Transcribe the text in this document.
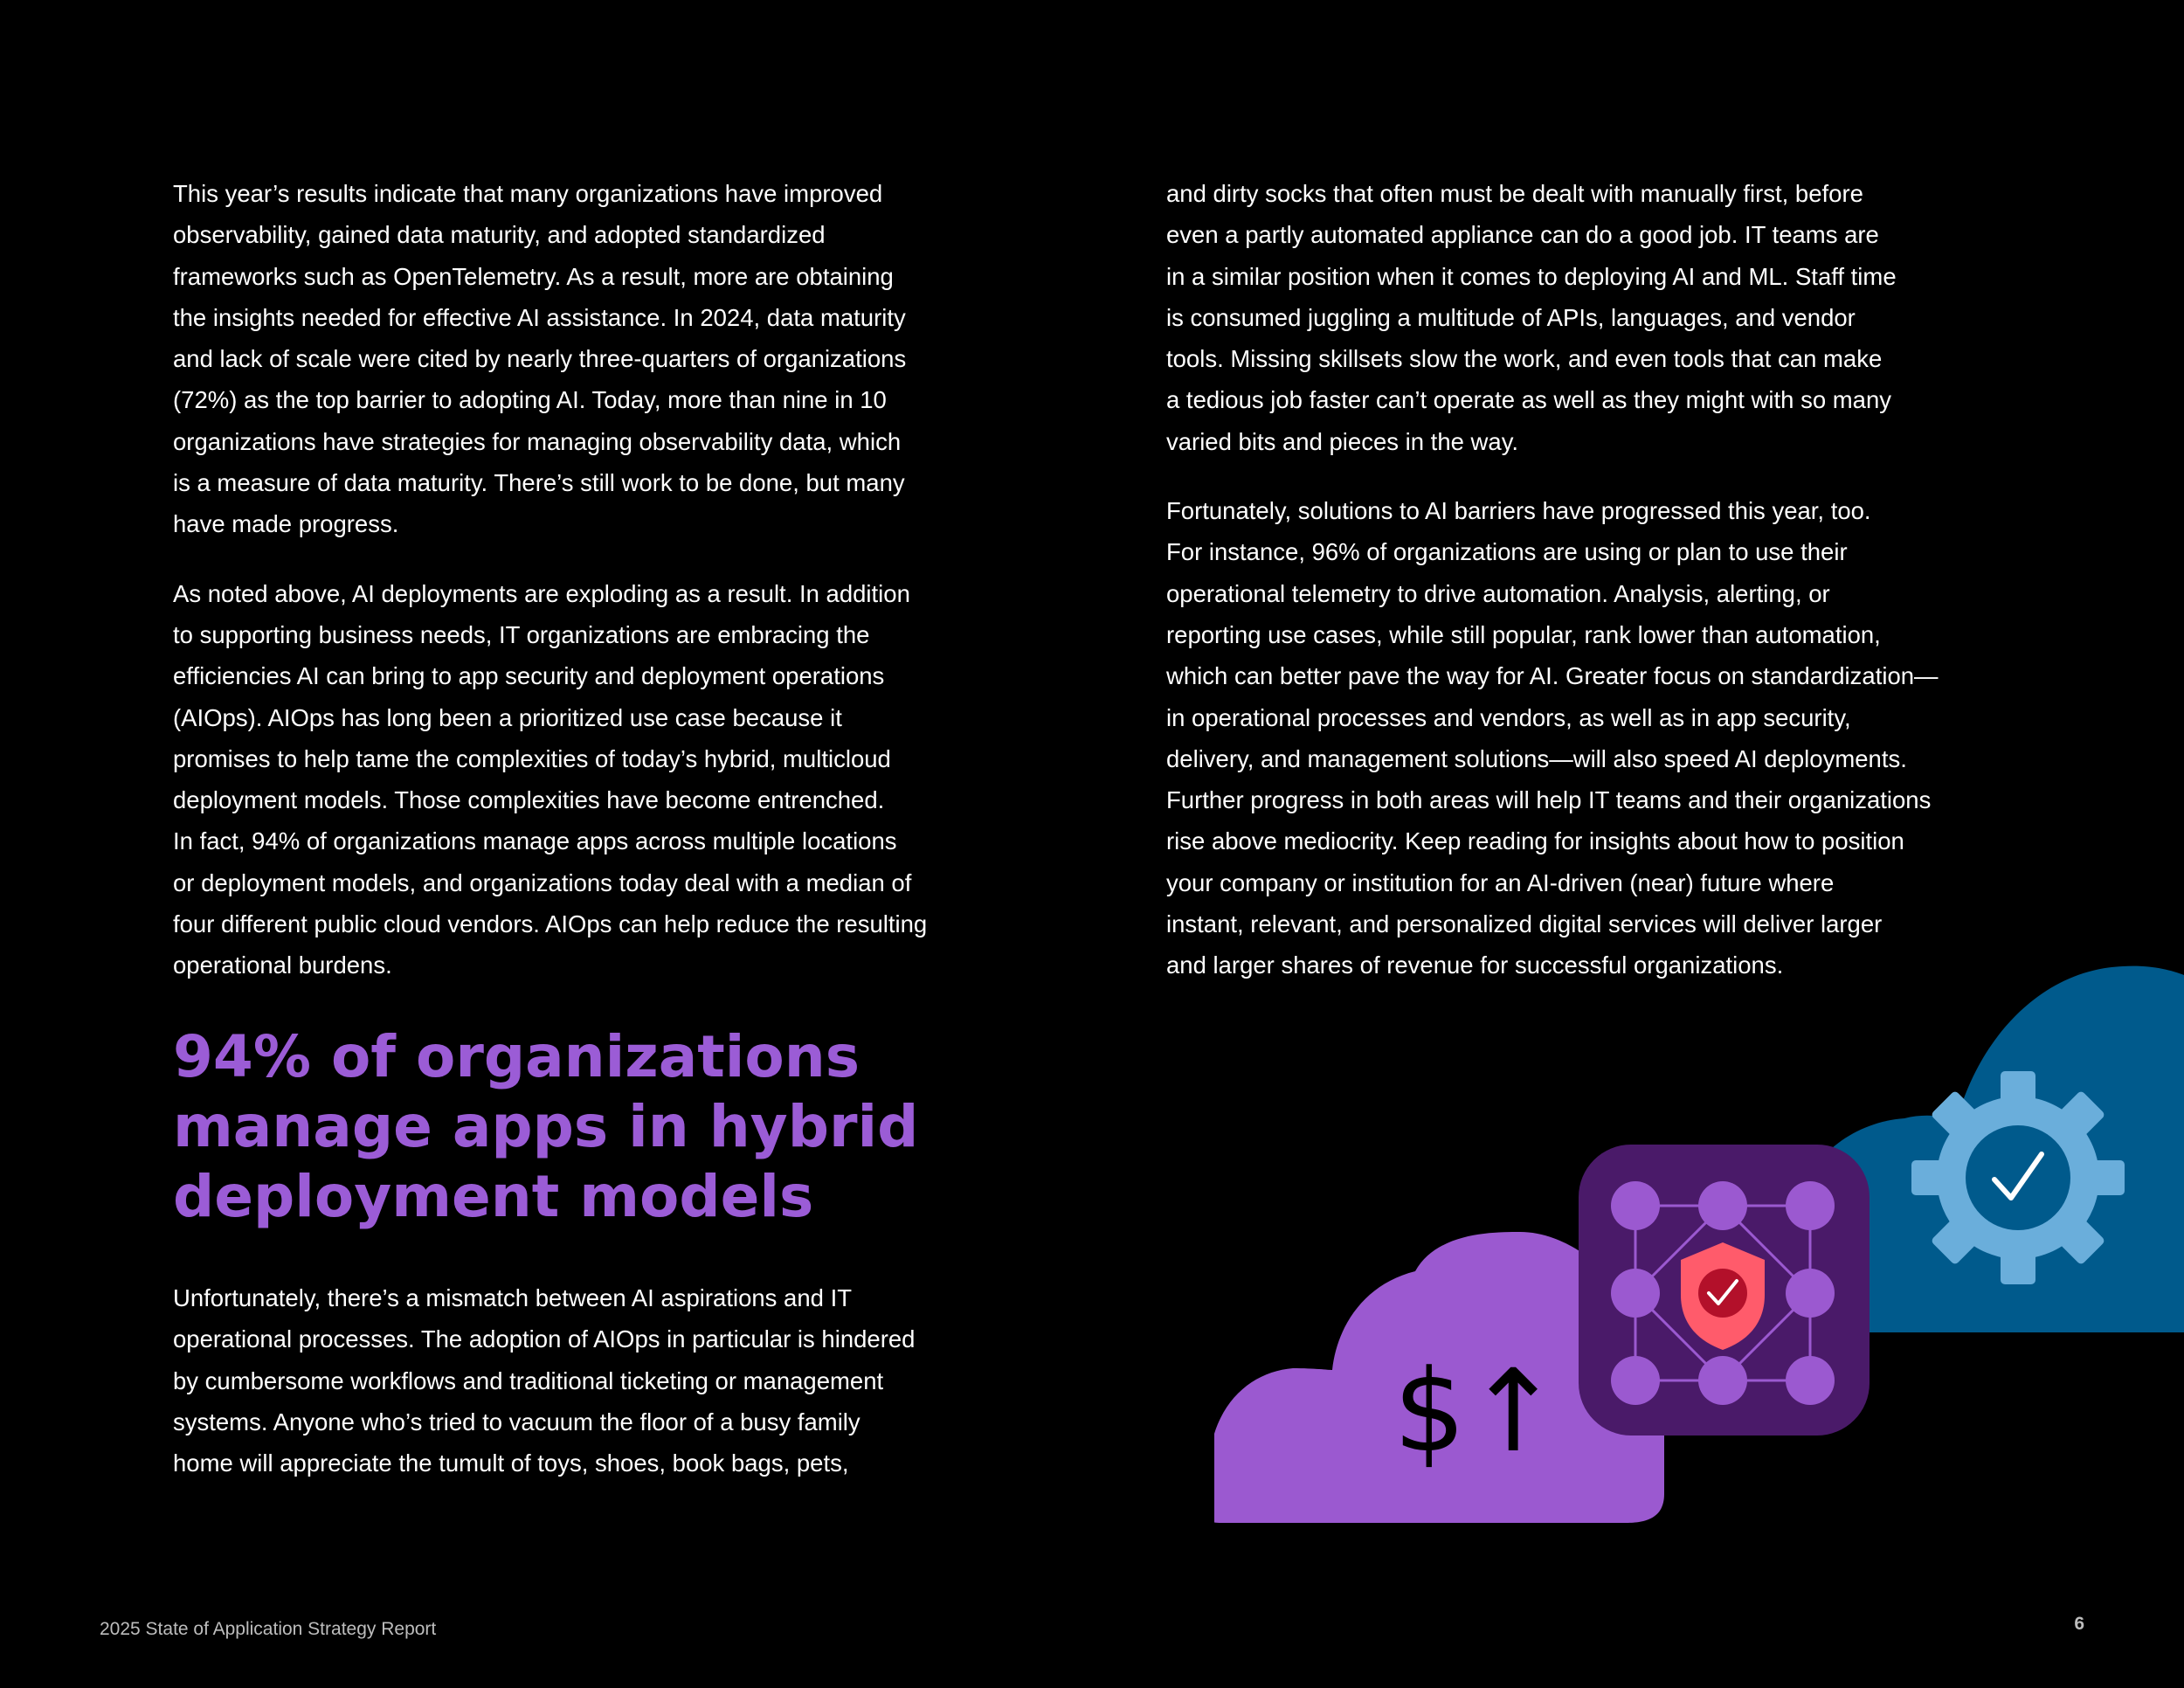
This year’s results indicate that many organizations have improved
observability, gained data maturity, and adopted standardized
frameworks such as OpenTelemetry. As a result, more are obtaining
the insights needed for effective AI assistance. In 2024, data maturity
and lack of scale were cited by nearly three-quarters of organizations
(72%) as the top barrier to adopting AI. Today, more than nine in 10
organizations have strategies for managing observability data, which
is a measure of data maturity. There’s still work to be done, but many
have made progress.

As noted above, AI deployments are exploding as a result. In addition
to supporting business needs, IT organizations are embracing the
efficiencies AI can bring to app security and deployment operations
(AIOps). AIOps has long been a prioritized use case because it
promises to help tame the complexities of today’s hybrid, multicloud
deployment models. Those complexities have become entrenched.
In fact, 94% of organizations manage apps across multiple locations
or deployment models, and organizations today deal with a median of
four different public cloud vendors. AIOps can help reduce the resulting
operational burdens.

94% of organizations
manage apps in hybrid
deployment models

Unfortunately, there’s a mismatch between AI aspirations and IT
operational processes. The adoption of AIOps in particular is hindered
by cumbersome workflows and traditional ticketing or management
systems. Anyone who’s tried to vacuum the floor of a busy family
home will appreciate the tumult of toys, shoes, book bags, pets,

and dirty socks that often must be dealt with manually first, before
even a partly automated appliance can do a good job. IT teams are
in a similar position when it comes to deploying AI and ML. Staff time
is consumed juggling a multitude of APIs, languages, and vendor
tools. Missing skillsets slow the work, and even tools that can make
a tedious job faster can’t operate as well as they might with so many
varied bits and pieces in the way.

Fortunately, solutions to AI barriers have progressed this year, too.
For instance, 96% of organizations are using or plan to use their
operational telemetry to drive automation. Analysis, alerting, or
reporting use cases, while still popular, rank lower than automation,
which can better pave the way for AI. Greater focus on standardization—
in operational processes and vendors, as well as in app security,
delivery, and management solutions—will also speed AI deployments.
Further progress in both areas will help IT teams and their organizations
rise above mediocrity. Keep reading for insights about how to position
your company or institution for an AI-driven (near) future where
instant, relevant, and personalized digital services will deliver larger
and larger shares of revenue for successful organizations.

$↑
2025 State of Application Strategy Report	6
